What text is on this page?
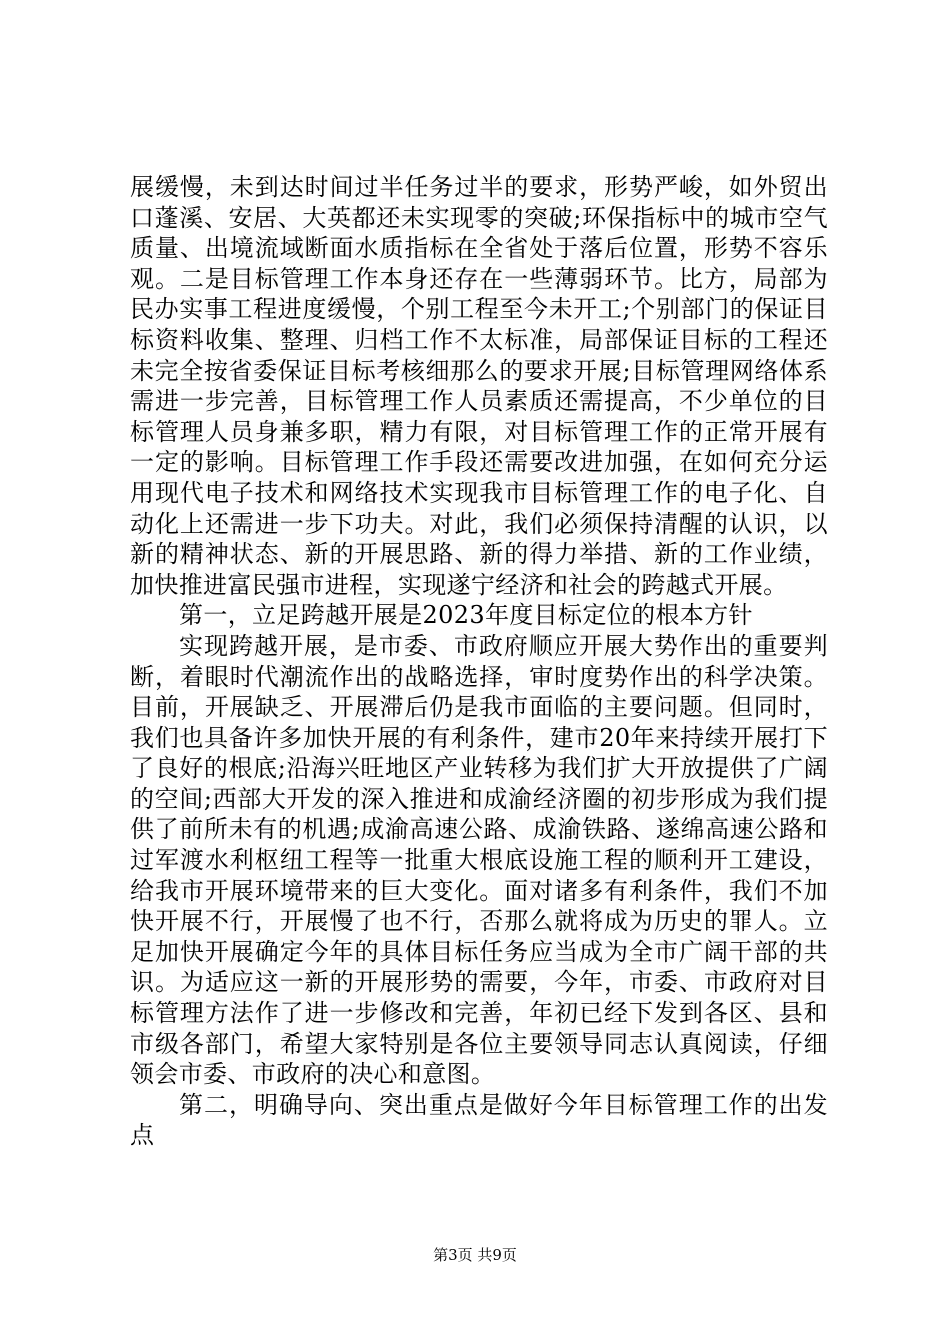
展缓慢，未到达时间过半任务过半的要求，形势严峻，如外贸出口蓬溪、安居、大英都还未实现零的突破;环保指标中的城市空气质量、出境流域断面水质指标在全省处于落后位置，形势不容乐观。二是目标管理工作本身还存在一些薄弱环节。比方，局部为民办实事工程进度缓慢，个别工程至今未开工;个别部门的保证目标资料收集、整理、归档工作不太标准，局部保证目标的工程还未完全按省委保证目标考核细那么的要求开展;目标管理网络体系需进一步完善，目标管理工作人员素质还需提高，不少单位的目标管理人员身兼多职，精力有限，对目标管理工作的正常开展有一定的影响。目标管理工作手段还需要改进加强，在如何充分运用现代电子技术和网络技术实现我市目标管理工作的电子化、自动化上还需进一步下功夫。对此，我们必须保持清醒的认识，以新的精神状态、新的开展思路、新的得力举措、新的工作业绩，加快推进富民强市进程，实现遂宁经济和社会的跨越式开展。

第一，立足跨越开展是2023年度目标定位的根本方针

实现跨越开展，是市委、市政府顺应开展大势作出的重要判断，着眼时代潮流作出的战略选择，审时度势作出的科学决策。目前，开展缺乏、开展滞后仍是我市面临的主要问题。但同时，我们也具备许多加快开展的有利条件，建市20年来持续开展打下了良好的根底;沿海兴旺地区产业转移为我们扩大开放提供了广阔的空间;西部大开发的深入推进和成渝经济圈的初步形成为我们提供了前所未有的机遇;成渝高速公路、成渝铁路、遂绵高速公路和过军渡水利枢纽工程等一批重大根底设施工程的顺利开工建设，给我市开展环境带来的巨大变化。面对诸多有利条件，我们不加快开展不行，开展慢了也不行，否那么就将成为历史的罪人。立足加快开展确定今年的具体目标任务应当成为全市广阔干部的共识。为适应这一新的开展形势的需要，今年，市委、市政府对目标管理方法作了进一步修改和完善，年初已经下发到各区、县和市级各部门，希望大家特别是各位主要领导同志认真阅读，仔细领会市委、市政府的决心和意图。

第二，明确导向、突出重点是做好今年目标管理工作的出发点

第3页 共9页
